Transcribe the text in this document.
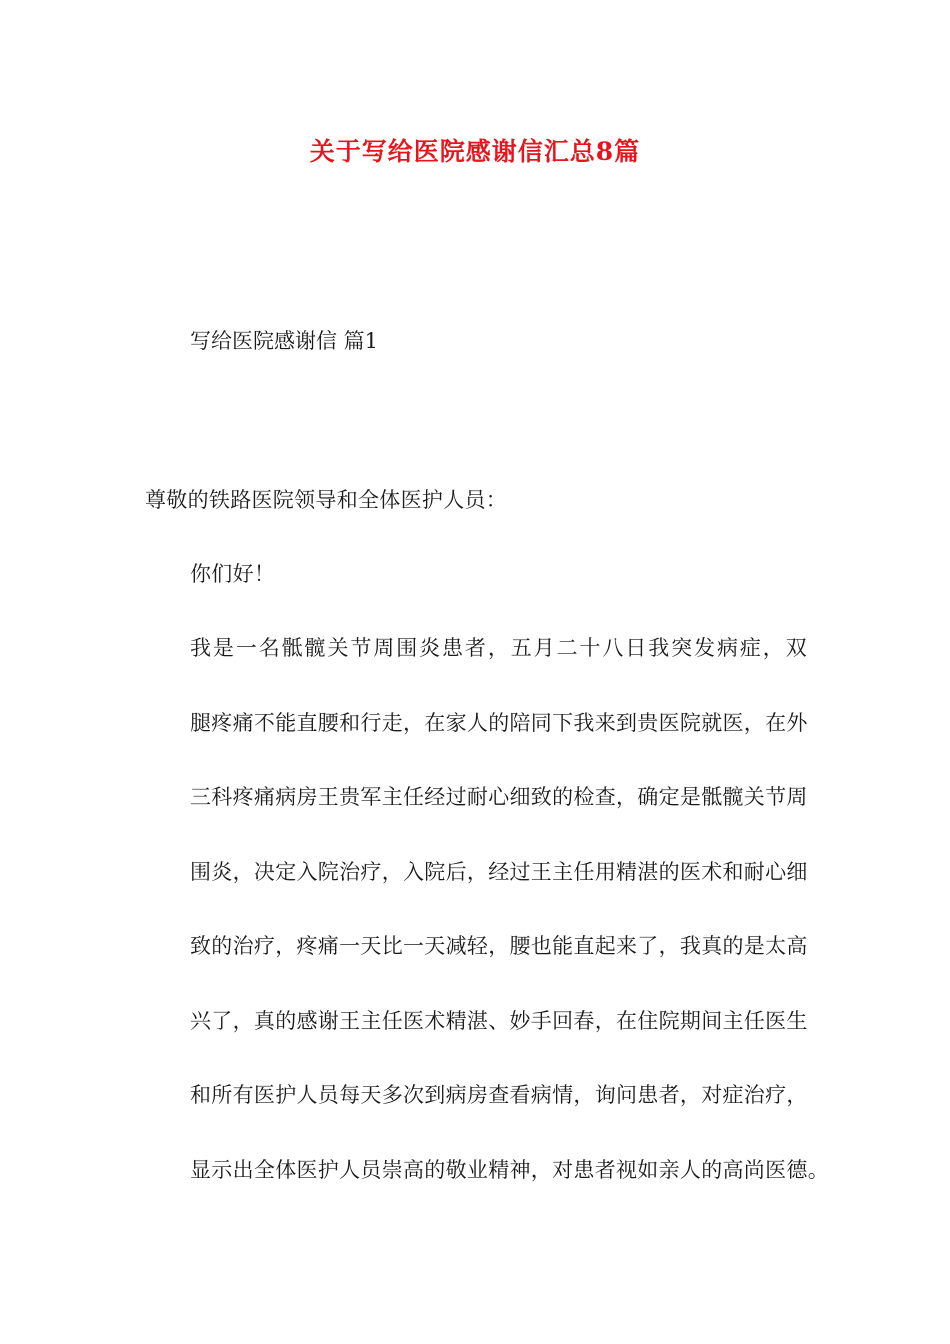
关于写给医院感谢信汇总8篇
写给医院感谢信 篇1

尊敬的铁路医院领导和全体医护人员：

你们好！

我是一名骶髋关节周围炎患者，五月二十八日我突发病症，双
腿疼痛不能直腰和行走，在家人的陪同下我来到贵医院就医，在外
三科疼痛病房王贵军主任经过耐心细致的检查，确定是骶髋关节周
围炎，决定入院治疗，入院后，经过王主任用精湛的医术和耐心细
致的治疗，疼痛一天比一天减轻，腰也能直起来了，我真的是太高
兴了，真的感谢王主任医术精湛、妙手回春，在住院期间主任医生
和所有医护人员每天多次到病房查看病情，询问患者，对症治疗，
显示出全体医护人员崇高的敬业精神，对患者视如亲人的高尚医德。
